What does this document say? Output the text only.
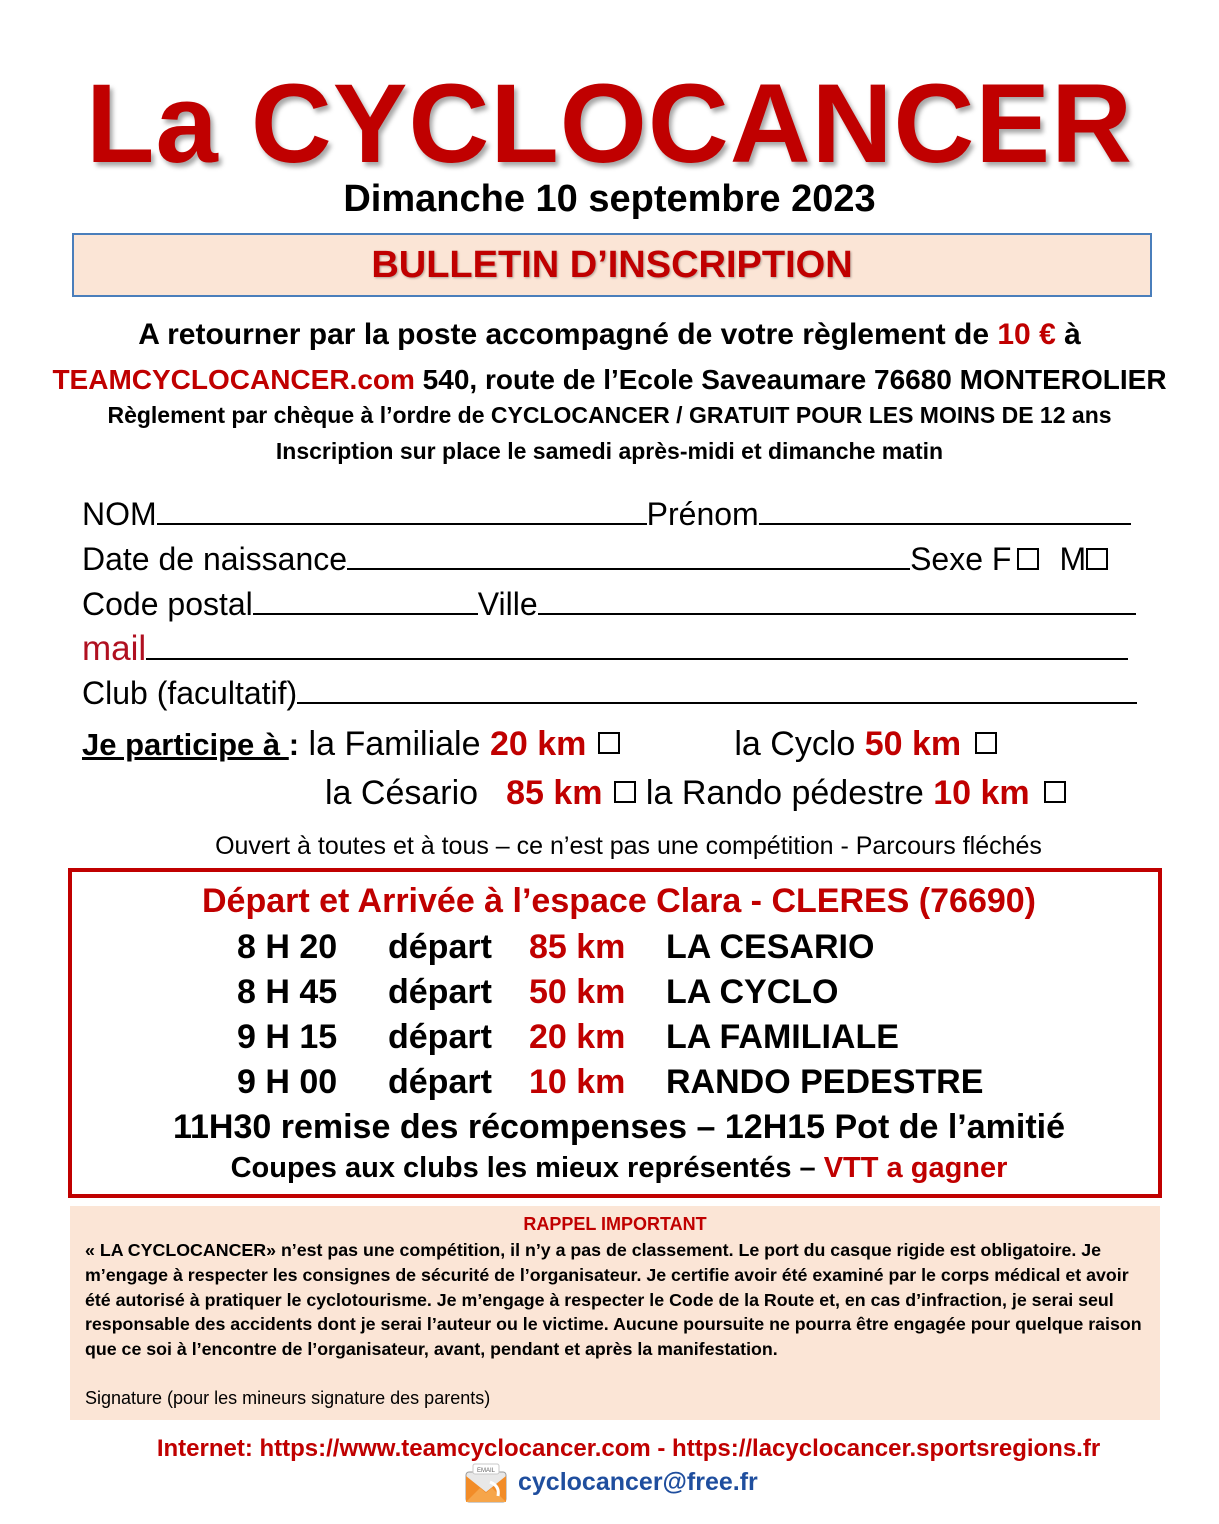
La CYCLOCANCER
Dimanche 10 septembre 2023
BULLETIN D’INSCRIPTION
A retourner par la poste accompagné de votre règlement de 10 € à
TEAMCYCLOCANCER.com 540, route de l’Ecole Saveaumare 76680 MONTEROLIER
Règlement par chèque à l’ordre de CYCLOCANCER / GRATUIT POUR LES MOINS DE 12 ans
Inscription sur place le samedi après-midi et dimanche matin
NOM	Prénom
Date de naissance	Sexe F M
Code postal	Ville
mail
Club (facultatif)
Je participe à : la Familiale 20 km	la Cyclo 50 km
la Césario 85 km la Rando pédestre 10 km
Ouvert à toutes et à tous – ce n’est pas une compétition - Parcours fléchés
Départ et Arrivée à l’espace Clara - CLERES (76690)
8 H 20 départ 85 km LA CESARIO
8 H 45 départ 50 km LA CYCLO
9 H 15 départ 20 km LA FAMILIALE
9 H 00 départ 10 km RANDO PEDESTRE
11H30 remise des récompenses – 12H15 Pot de l’amitié
Coupes aux clubs les mieux représentés – VTT a gagner
RAPPEL IMPORTANT
« LA CYCLOCANCER» n’est pas une compétition, il n’y a pas de classement. Le port du casque rigide est obligatoire. Je m’engage à respecter les consignes de sécurité de l’organisateur. Je certifie avoir été examiné par le corps médical et avoir été autorisé à pratiquer le cyclotourisme. Je m’engage à respecter le Code de la Route et, en cas d’infraction, je serai seul responsable des accidents dont je serai l’auteur ou le victime. Aucune poursuite ne pourra être engagée pour quelque raison que ce soi à l’encontre de l’organisateur, avant, pendant et après la manifestation.
Signature (pour les mineurs signature des parents)
Internet: https://www.teamcyclocancer.com - https://lacyclocancer.sportsregions.fr
EMAIL cyclocancer@free.fr
